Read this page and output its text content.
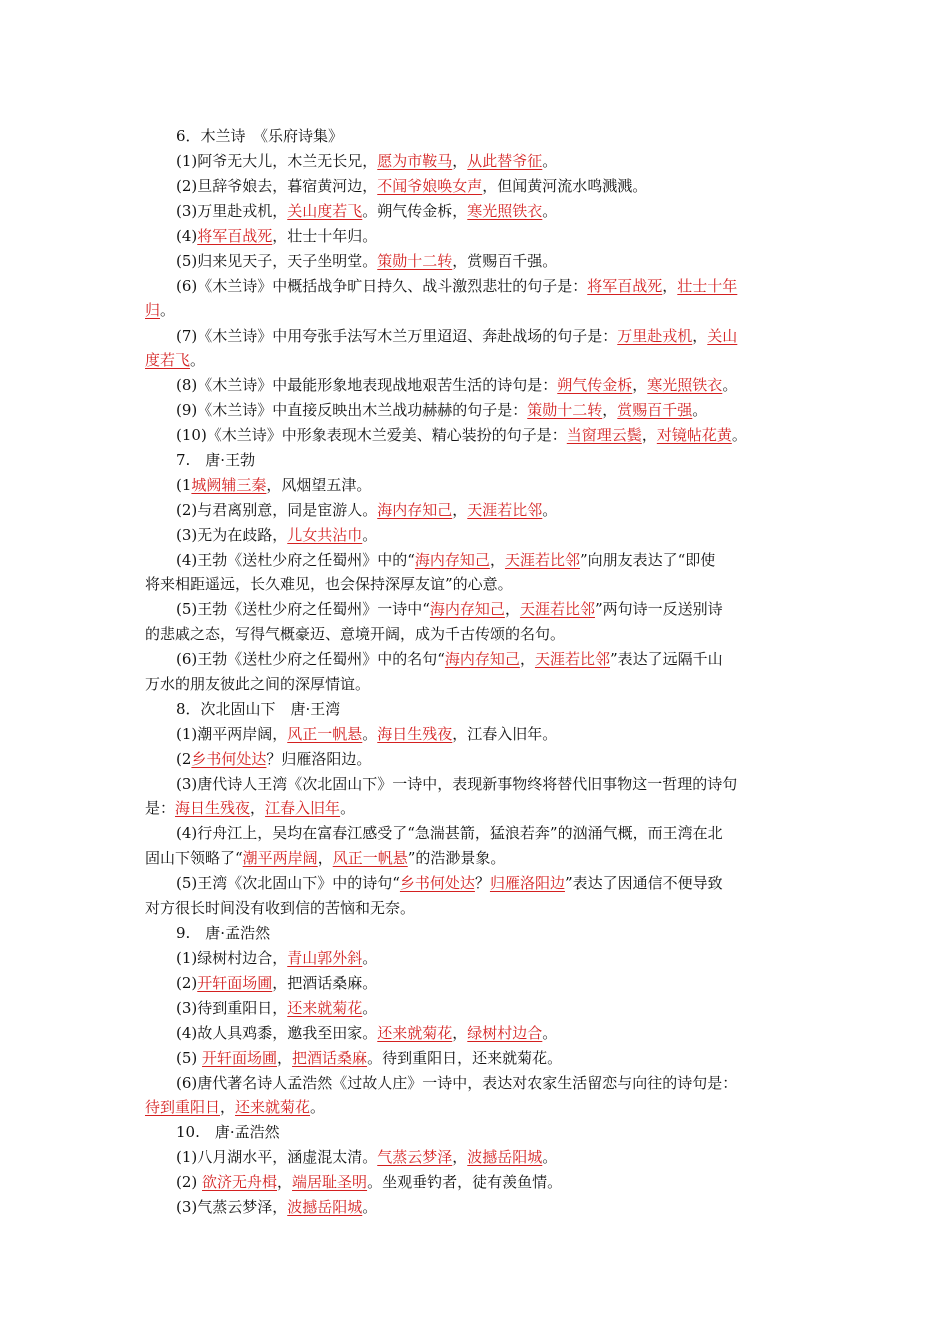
6．木兰诗　《乐府诗集》
(1)阿爷无大儿，木兰无长兄，愿为市鞍马，从此替爷征。
(2)旦辞爷娘去，暮宿黄河边，不闻爷娘唤女声，但闻黄河流水鸣溅溅。
(3)万里赴戎机，关山度若飞。朔气传金柝，寒光照铁衣。
(4)将军百战死，壮士十年归。
(5)归来见天子，天子坐明堂。策勋十二转，赏赐百千强。
(6)《木兰诗》中概括战争旷日持久、战斗激烈悲壮的句子是：将军百战死，壮士十年
归。
(7)《木兰诗》中用夸张手法写木兰万里迢迢、奔赴战场的句子是：万里赴戎机，关山
度若飞。
(8)《木兰诗》中最能形象地表现战地艰苦生活的诗句是：朔气传金柝，寒光照铁衣。
(9)《木兰诗》中直接反映出木兰战功赫赫的句子是：策勋十二转，赏赐百千强。
(10)《木兰诗》中形象表现木兰爱美、精心装扮的句子是：当窗理云鬓，对镜帖花黄。
7.　唐·王勃
(1城阙辅三秦，风烟望五津。
(2)与君离别意，同是宦游人。海内存知己，天涯若比邻。
(3)无为在歧路，儿女共沾巾。
(4)王勃《送杜少府之任蜀州》中的“海内存知己，天涯若比邻”向朋友表达了“即使
将来相距遥远，长久难见，也会保持深厚友谊”的心意。
(5)王勃《送杜少府之任蜀州》一诗中“海内存知己，天涯若比邻”两句诗一反送别诗
的悲戚之态，写得气概豪迈、意境开阔，成为千古传颂的名句。
(6)王勃《送杜少府之任蜀州》中的名句“海内存知己，天涯若比邻”表达了远隔千山
万水的朋友彼此之间的深厚情谊。
8．次北固山下　唐·王湾
(1)潮平两岸阔，风正一帆悬。海日生残夜，江春入旧年。
(2乡书何处达？归雁洛阳边。
(3)唐代诗人王湾《次北固山下》一诗中，表现新事物终将替代旧事物这一哲理的诗句
是：海日生残夜，江春入旧年。
(4)行舟江上，吴均在富春江感受了“急湍甚箭，猛浪若奔”的汹涌气概，而王湾在北
固山下领略了“潮平两岸阔，风正一帆悬”的浩渺景象。
(5)王湾《次北固山下》中的诗句“乡书何处达？归雁洛阳边”表达了因通信不便导致
对方很长时间没有收到信的苦恼和无奈。
9.　唐·孟浩然
(1)绿树村边合，青山郭外斜。
(2)开轩面场圃，把酒话桑麻。
(3)待到重阳日，还来就菊花。
(4)故人具鸡黍，邀我至田家。还来就菊花，绿树村边合。
(5) 开轩面场圃，把酒话桑麻。待到重阳日，还来就菊花。
(6)唐代著名诗人孟浩然《过故人庄》一诗中，表达对农家生活留恋与向往的诗句是：
待到重阳日，还来就菊花。
10.　唐·孟浩然
(1)八月湖水平，涵虚混太清。气蒸云梦泽，波撼岳阳城。
(2) 欲济无舟楫，端居耻圣明。坐观垂钓者，徒有羡鱼情。
(3)气蒸云梦泽，波撼岳阳城。
